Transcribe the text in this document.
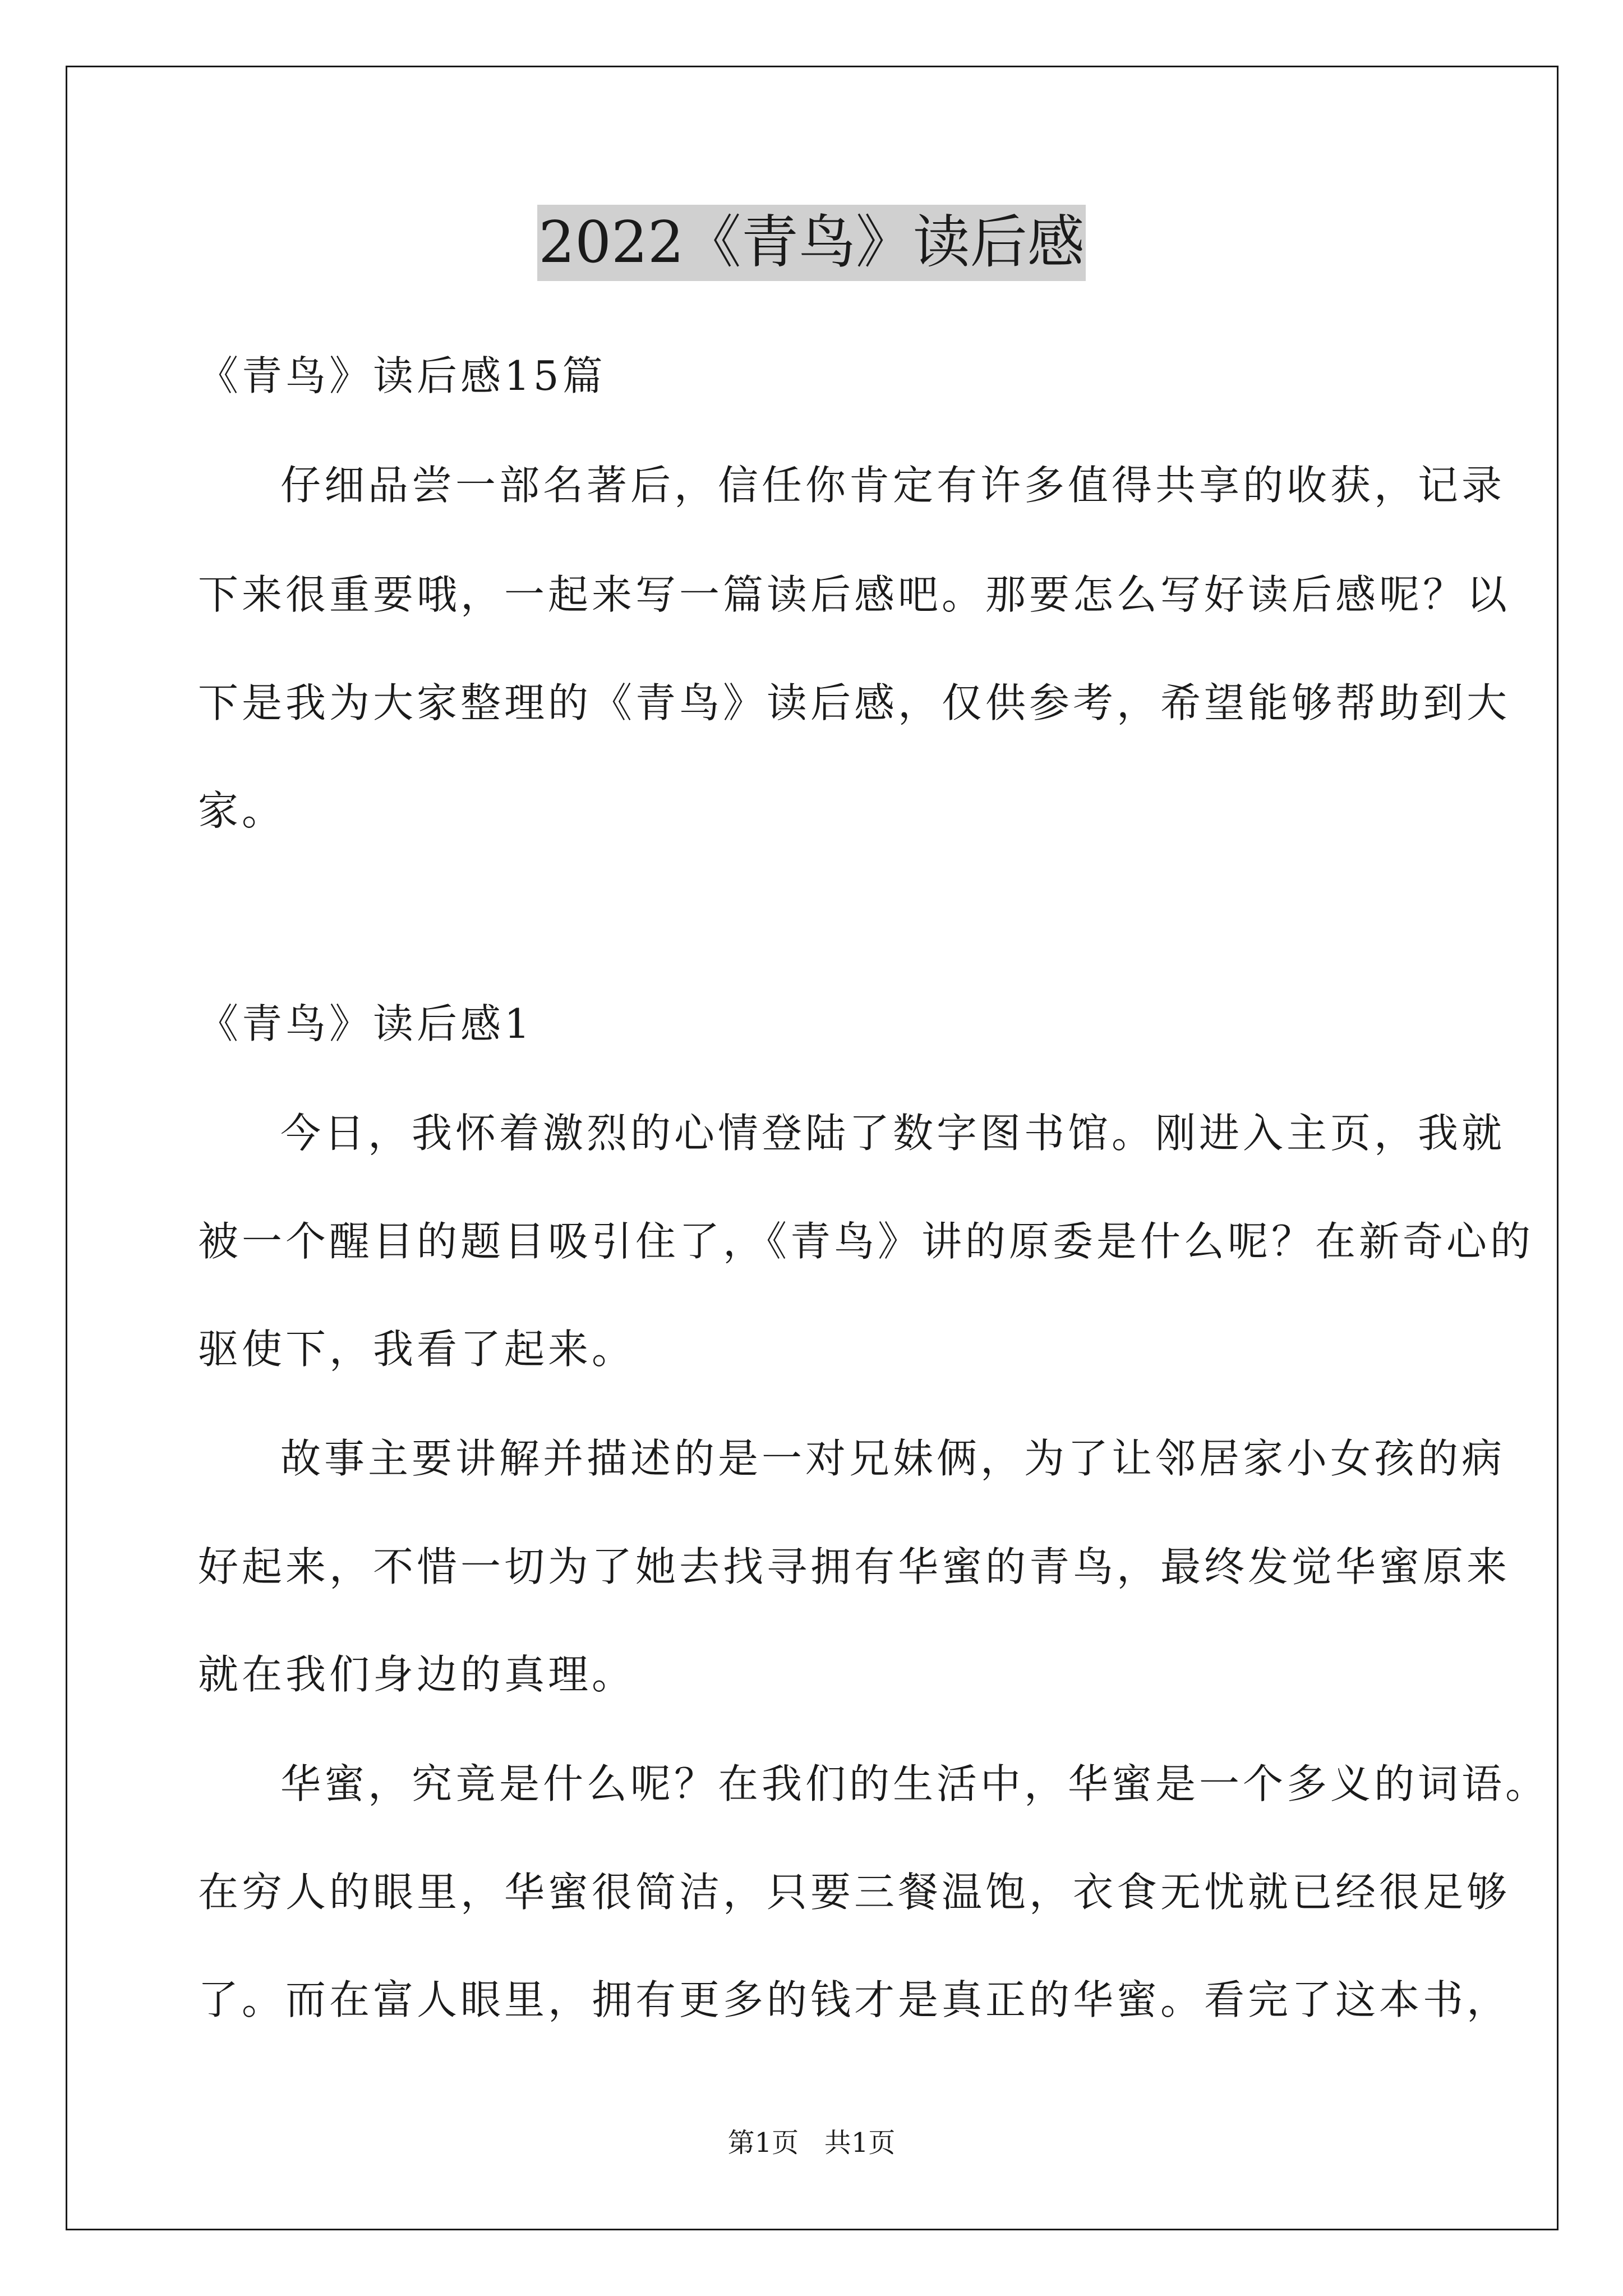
2022《青鸟》读后感
《青鸟》读后感15篇
仔细品尝一部名著后，信任你肯定有许多值得共享的收获，记录
下来很重要哦，一起来写一篇读后感吧。那要怎么写好读后感呢？以
下是我为大家整理的《青鸟》读后感，仅供参考，希望能够帮助到大
家。
《青鸟》读后感1
今日，我怀着激烈的心情登陆了数字图书馆。刚进入主页，我就
被一个醒目的题目吸引住了，《青鸟》讲的原委是什么呢？在新奇心的
驱使下，我看了起来。
故事主要讲解并描述的是一对兄妹俩，为了让邻居家小女孩的病
好起来，不惜一切为了她去找寻拥有华蜜的青鸟，最终发觉华蜜原来
就在我们身边的真理。
华蜜，究竟是什么呢？在我们的生活中，华蜜是一个多义的词语。
在穷人的眼里，华蜜很简洁，只要三餐温饱，衣食无忧就已经很足够
了。而在富人眼里，拥有更多的钱才是真正的华蜜。看完了这本书，
第1页   共1页
